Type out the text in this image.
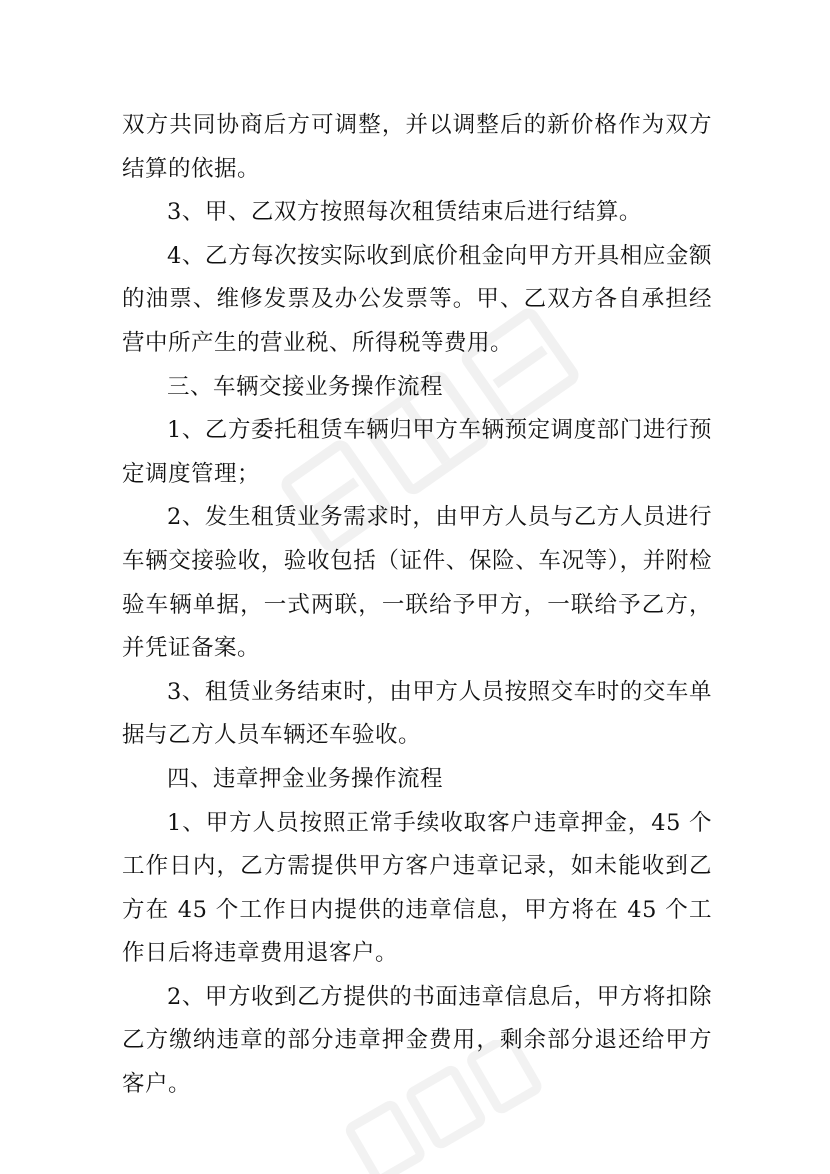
双方共同协商后方可调整，并以调整后的新价格作为双方结算的依据。

3、甲、乙双方按照每次租赁结束后进行结算。

4、乙方每次按实际收到底价租金向甲方开具相应金额的油票、维修发票及办公发票等。甲、乙双方各自承担经营中所产生的营业税、所得税等费用。

三、车辆交接业务操作流程

1、乙方委托租赁车辆归甲方车辆预定调度部门进行预定调度管理；

2、发生租赁业务需求时，由甲方人员与乙方人员进行车辆交接验收，验收包括（证件、保险、车况等），并附检验车辆单据，一式两联，一联给予甲方，一联给予乙方，并凭证备案。

3、租赁业务结束时，由甲方人员按照交车时的交车单据与乙方人员车辆还车验收。

四、违章押金业务操作流程

1、甲方人员按照正常手续收取客户违章押金，45 个工作日内，乙方需提供甲方客户违章记录，如未能收到乙方在 45 个工作日内提供的违章信息，甲方将在 45 个工作日后将违章费用退客户。

2、甲方收到乙方提供的书面违章信息后，甲方将扣除乙方缴纳违章的部分违章押金费用，剩余部分退还给甲方客户。
